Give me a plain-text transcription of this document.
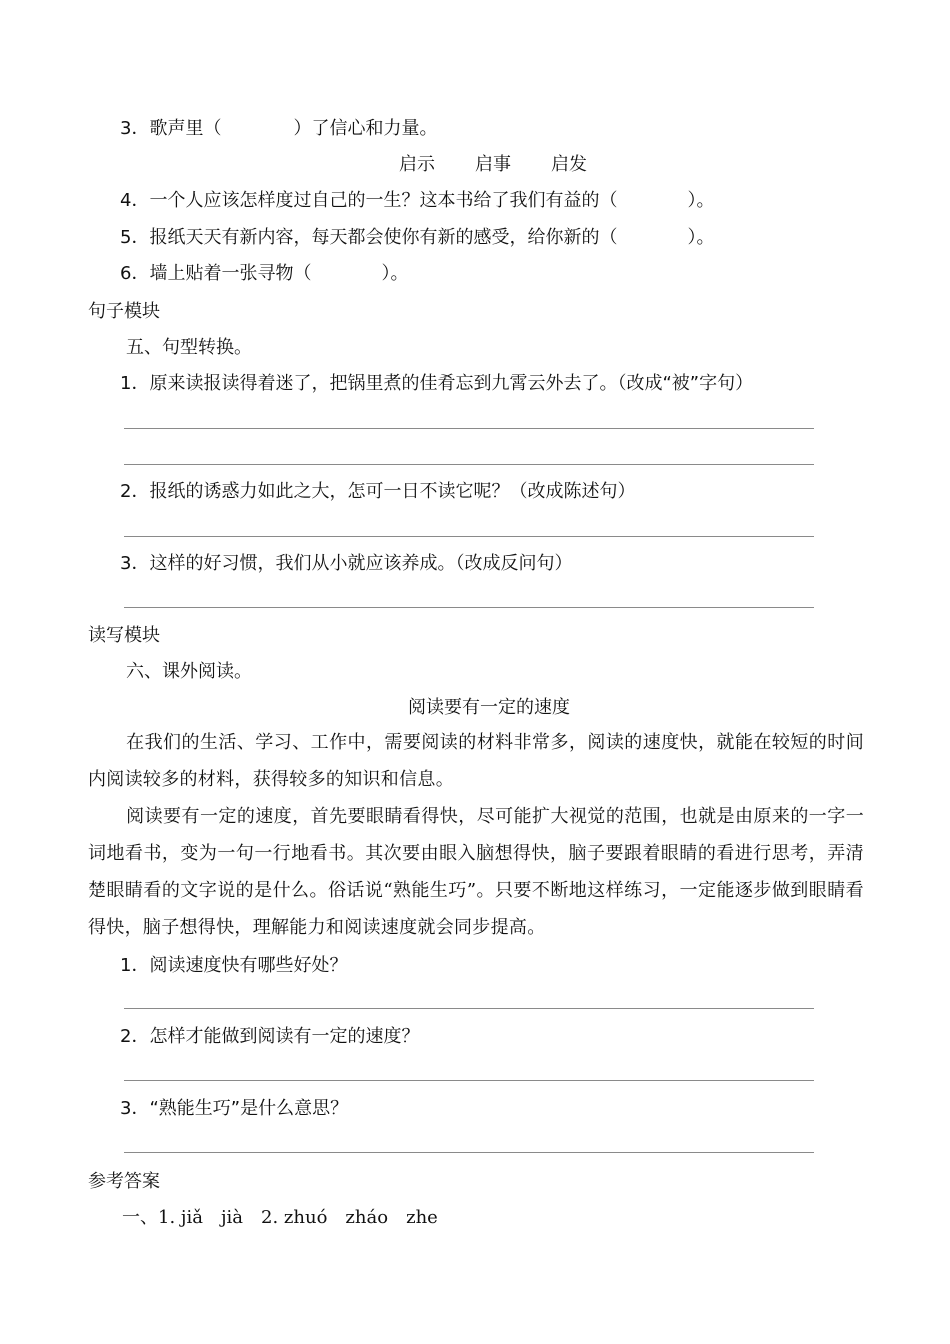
3．歌声里（	）了信心和力量。
启示 启事 启发
4．一个人应该怎样度过自己的一生？这本书给了我们有益的（	）。
5．报纸天天有新内容，每天都会使你有新的感受，给你新的（	）。
6．墙上贴着一张寻物（	）。
句子模块
五、句型转换。
1．原来读报读得着迷了，把锅里煮的佳肴忘到九霄云外去了。（改成“被”字句）
2．报纸的诱惑力如此之大，怎可一日不读它呢？（改成陈述句）
3．这样的好习惯，我们从小就应该养成。（改成反问句）
读写模块
六、课外阅读。
阅读要有一定的速度
在我们的生活、学习、工作中，需要阅读的材料非常多，阅读的速度快，就能在较短的时间内阅读较多的材料，获得较多的知识和信息。
阅读要有一定的速度，首先要眼睛看得快，尽可能扩大视觉的范围，也就是由原来的一字一词地看书，变为一句一行地看书。其次要由眼入脑想得快，脑子要跟着眼睛的看进行思考，弄清楚眼睛看的文字说的是什么。俗话说“熟能生巧”。只要不断地这样练习，一定能逐步做到眼睛看得快，脑子想得快，理解能力和阅读速度就会同步提高。
1．阅读速度快有哪些好处？
2．怎样才能做到阅读有一定的速度？
3．“熟能生巧”是什么意思？
参考答案
一、1. jiǎ　jià　2. zhuó　zháo　zhe
